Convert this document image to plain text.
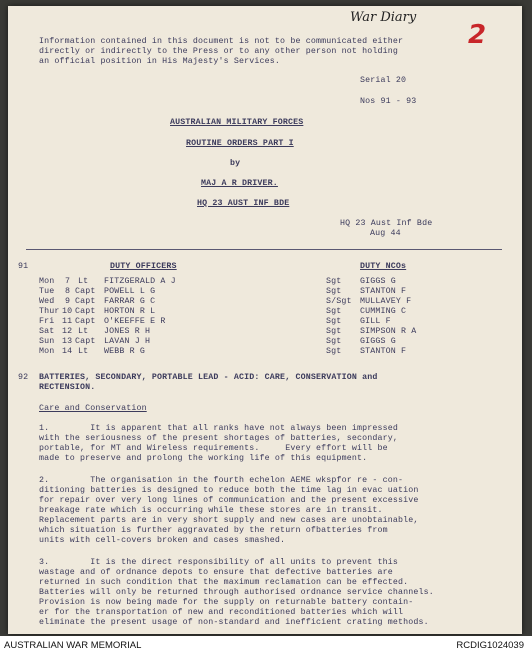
War Diary
2
Information contained in this document is not to be communicated either
directly or indirectly to the Press or to any other person not holding
an official position in His Majesty's Services.
Serial 20
Nos 91 - 93
AUSTRALIAN MILITARY FORCES
ROUTINE ORDERS PART I
by
MAJ A R DRIVER.
HQ 23 AUST INF BDE
HQ 23 Aust Inf Bde
Aug 44
91	DUTY OFFICERS	DUTY NCOs
Mon 7 Lt FITZGERALD A J	Sgt GIGGS G
Tue 8 Capt POWELL L G	Sgt STANTON F
Wed 9 Capt FARRAR G C	S/Sgt MULLAVEY F
Thur 10 Capt HORTON R L	Sgt CUMMING C
Fri 11 Capt O'KEEFFE E R	Sgt GILL F
Sat 12 Lt JONES R H	Sgt SIMPSON R A
Sun 13 Capt LAVAN J H	Sgt GIGGS G
Mon 14 Lt WEBB R G	Sgt STANTON F
92 BATTERIES, SECONDARY, PORTABLE LEAD - ACID: CARE, CONSERVATION and
RECTENSION.
Care and Conservation
1.        It is apparent that all ranks have not always been impressed
with the seriousness of the present shortages of batteries, secondary,
portable, for MT and Wireless requirements.     Every effort will be
made to preserve and prolong the working life of this equipment.
2.        The organisation in the fourth echelon AEME wkspfor re - con-
ditioning batteries is designed to reduce both the time lag in evac uation
for repair over very long lines of communication and the present excessive
breakage rate which is occurring while these stores are in transit.
Replacement parts are in very short supply and new cases are unobtainable,
which situation is further aggravated by the return ofbatteries from
units with cell-covers broken and cases smashed.
3.        It is the direct responsibility of all units to prevent this
wastage and of ordnance depots to ensure that defective batteries are
returned in such condition that the maximum reclamation can be effected.
Batteries will only be returned through authorised ordnance service channels.
Provision is now being made for the supply on returnable battery contain-
er for the transportation of new and reconditioned batteries which will
eliminate the present usage of non-standard and inefficient crating methods.
AUSTRALIAN WAR MEMORIAL	RCDIG1024039
